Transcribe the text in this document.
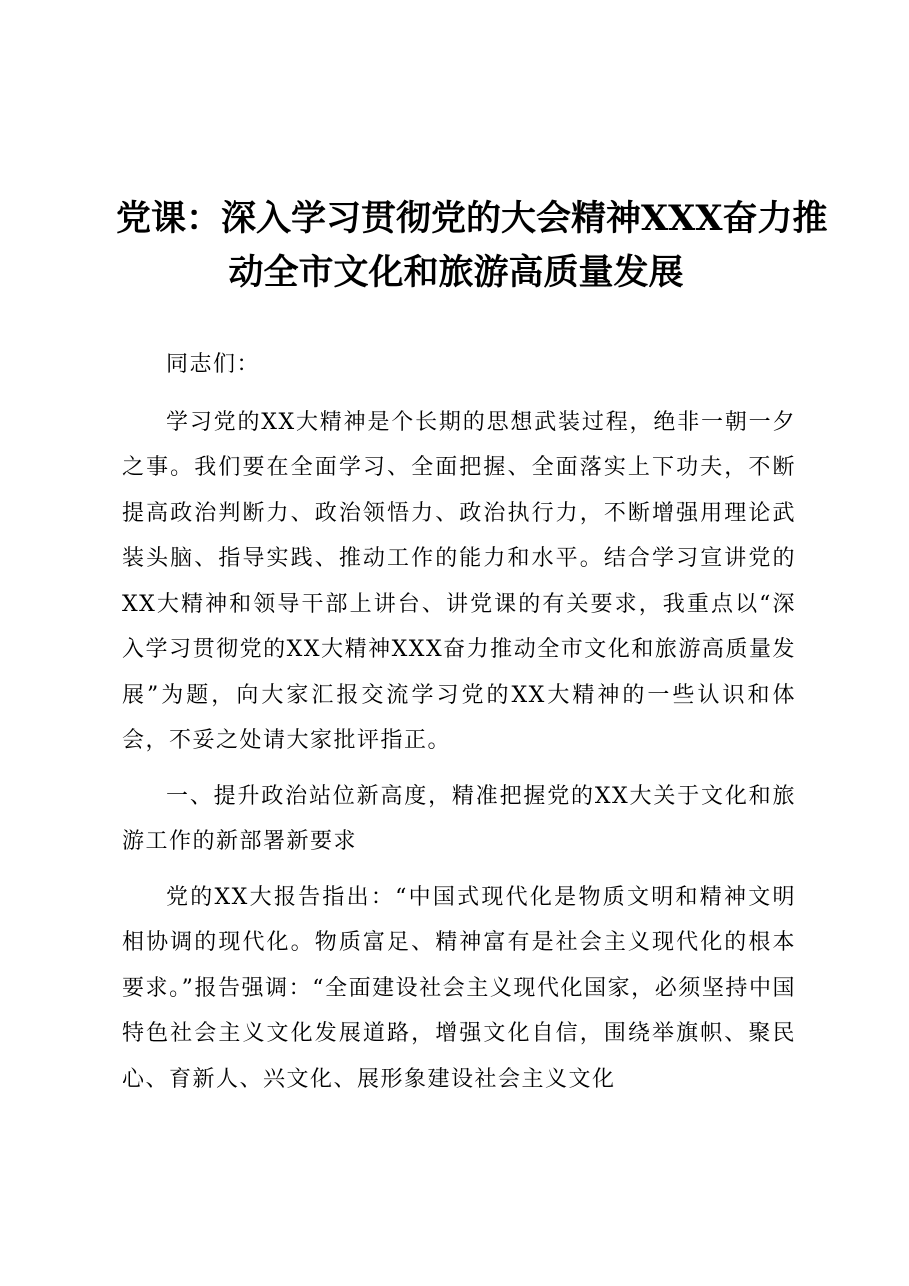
党课：深入学习贯彻党的大会精神XXX奋力推
动全市文化和旅游高质量发展

同志们：

学习党的XX大精神是个长期的思想武装过程，绝非一朝一夕之事。我们要在全面学习、全面把握、全面落实上下功夫，不断提高政治判断力、政治领悟力、政治执行力，不断增强用理论武装头脑、指导实践、推动工作的能力和水平。结合学习宣讲党的XX大精神和领导干部上讲台、讲党课的有关要求，我重点以“深入学习贯彻党的XX大精神XXX奋力推动全市文化和旅游高质量发展”为题，向大家汇报交流学习党的XX大精神的一些认识和体会，不妥之处请大家批评指正。

一、提升政治站位新高度，精准把握党的XX大关于文化和旅游工作的新部署新要求

党的XX大报告指出：“中国式现代化是物质文明和精神文明相协调的现代化。物质富足、精神富有是社会主义现代化的根本要求。”报告强调：“全面建设社会主义现代化国家，必须坚持中国特色社会主义文化发展道路，增强文化自信，围绕举旗帜、聚民心、育新人、兴文化、展形象建设社会主义文化
